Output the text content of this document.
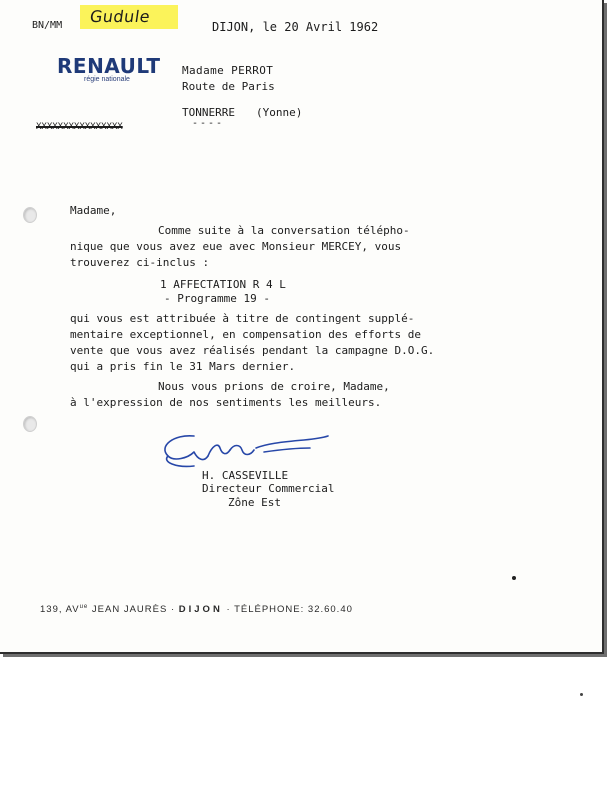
BN/MM Gudule
DIJON, le 20 Avril 1962
RENAULT
régie nationale
XXXXXXXXXXXXXXXX
Madame PERROT
Route de Paris
TONNERRE (Yonne)
----
Madame,
Comme suite à la conversation télépho-
nique que vous avez eue avec Monsieur MERCEY, vous
trouverez ci-inclus :
1 AFFECTATION R 4 L
- Programme 19 -
qui vous est attribuée à titre de contingent supplé-
mentaire exceptionnel, en compensation des efforts de
vente que vous avez réalisés pendant la campagne D.O.G.
qui a pris fin le 31 Mars dernier.
Nous vous prions de croire, Madame,
à l'expression de nos sentiments les meilleurs.
H. CASSEVILLE
Directeur Commercial
Zône Est
139, $AV^{ue}$ JEAN JAURÈS · DIJON · TÉLÉPHONE: 32.60.40
